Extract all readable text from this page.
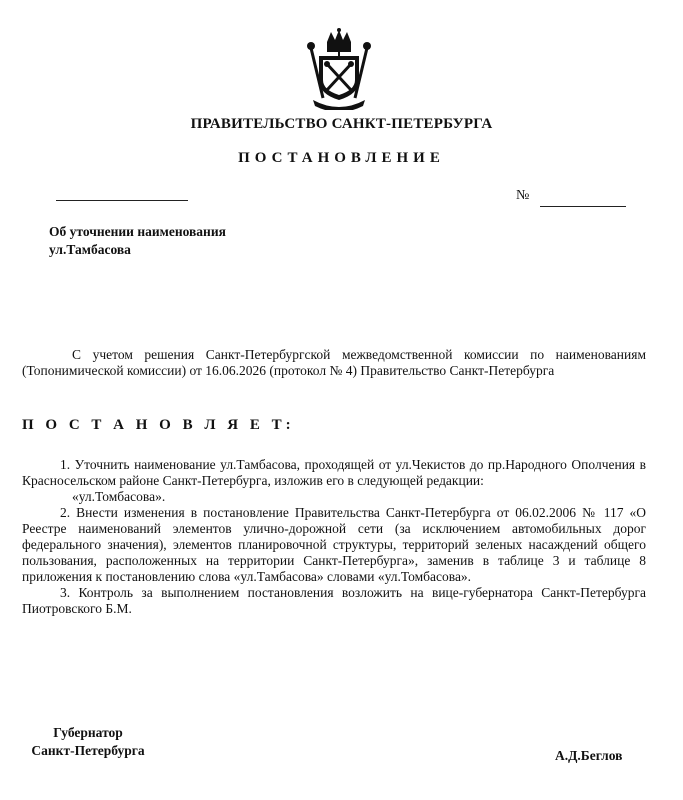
ПРАВИТЕЛЬСТВО САНКТ-ПЕТЕРБУРГА
ПОСТАНОВЛЕНИЕ
№
Об уточнении наименования
ул.Тамбасова
С учетом решения Санкт-Петербургской межведомственной комиссии по наименованиям (Топонимической комиссии) от 16.06.2026 (протокол № 4) Правительство Санкт-Петербурга
П О С Т А Н О В Л Я Е Т:

1. Уточнить наименование ул.Тамбасова, проходящей от ул.Чекистов до пр.Народного Ополчения в Красносельском районе Санкт-Петербурга, изложив его в следующей редакции:

«ул.Томбасова».

2. Внести изменения в постановление Правительства Санкт-Петербурга от 06.02.2006 № 117 «О Реестре наименований элементов улично-дорожной сети (за исключением автомобильных дорог федерального значения), элементов планировочной структуры, территорий зеленых насаждений общего пользования, расположенных на территории Санкт-Петербурга», заменив в таблице 3 и таблице 8 приложения к постановлению слова «ул.Тамбасова» словами «ул.Томбасова».

3. Контроль за выполнением постановления возложить на вице-губернатора Санкт-Петербурга Пиотровского Б.М.

Губернатор
Санкт-Петербурга	А.Д.Беглов
